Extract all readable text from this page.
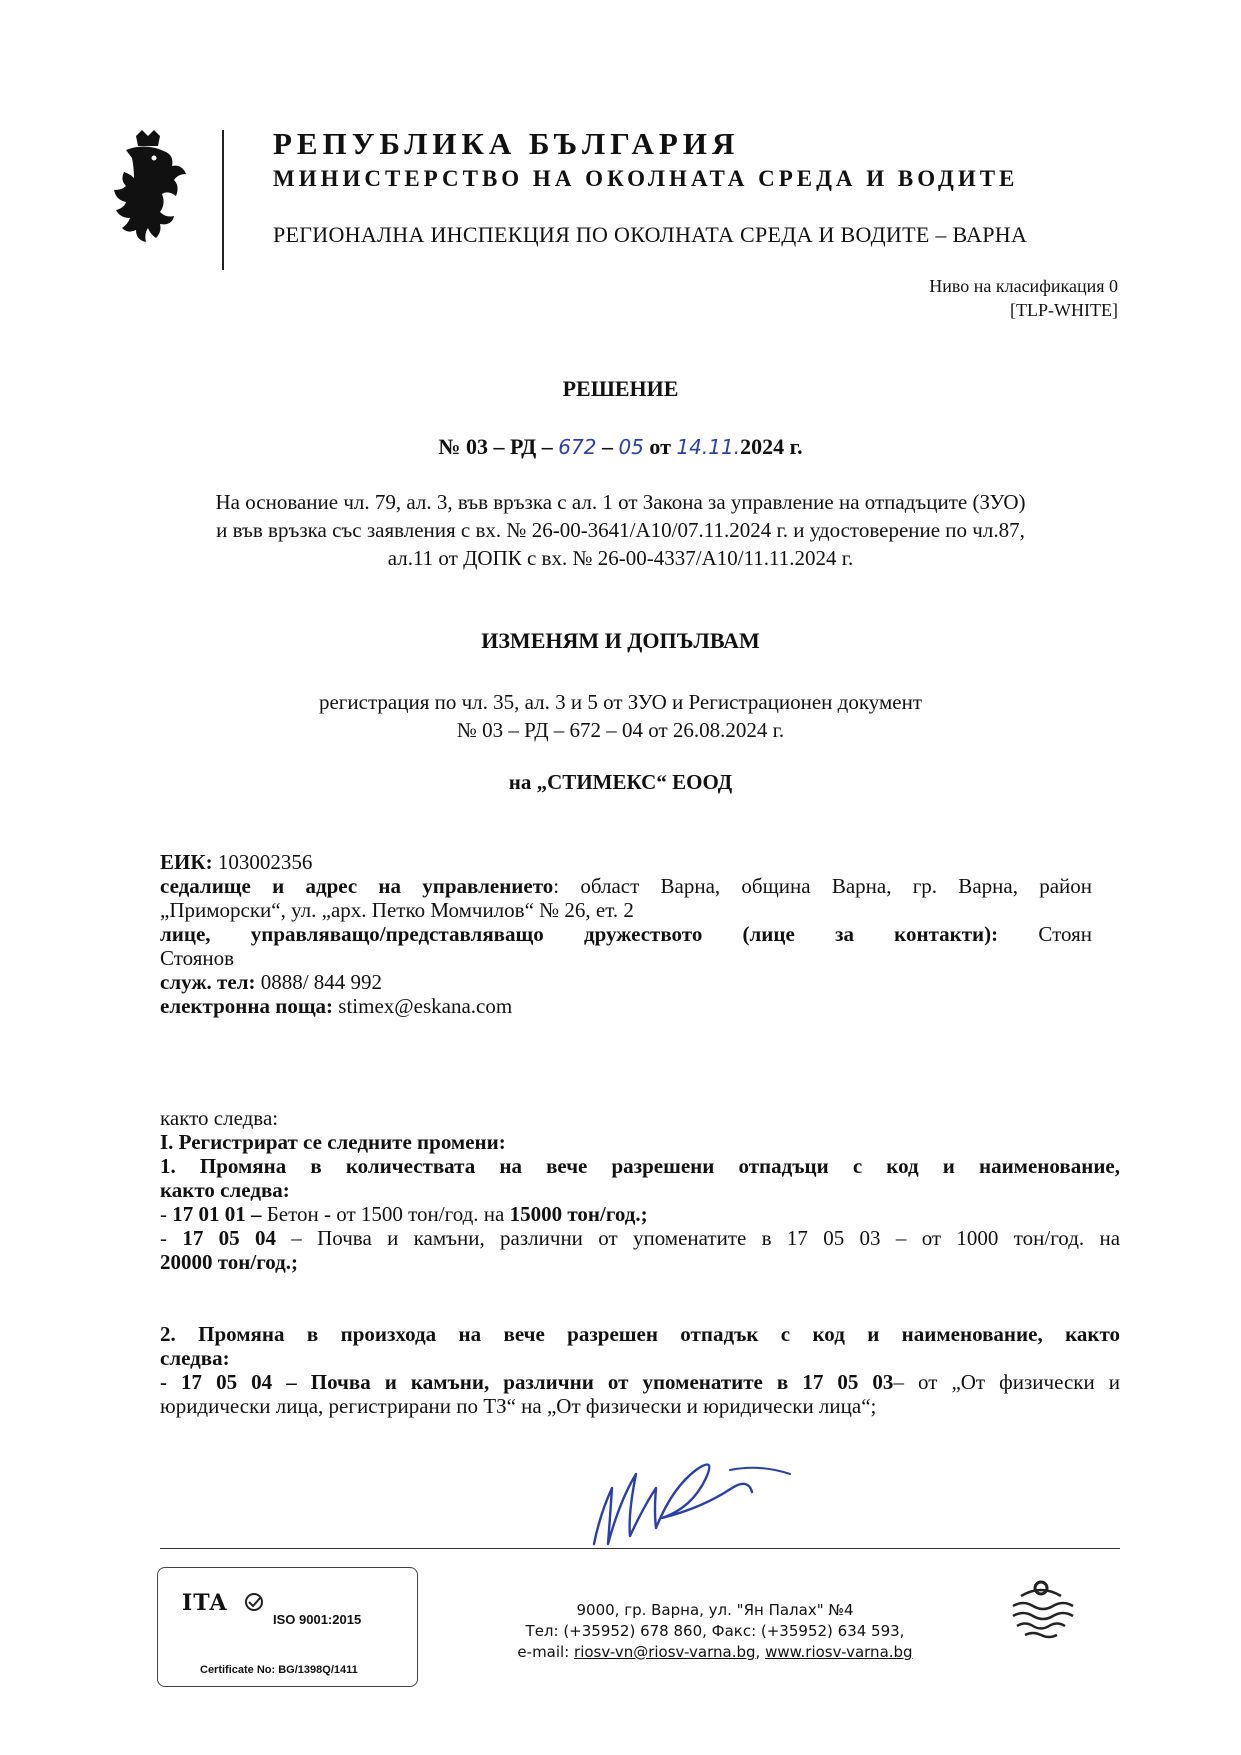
РЕПУБЛИКА БЪЛГАРИЯ
МИНИСТЕРСТВО НА ОКОЛНАТА СРЕДА И ВОДИТЕ
РЕГИОНАЛНА ИНСПЕКЦИЯ ПО ОКОЛНАТА СРЕДА И ВОДИТЕ – ВАРНА
Ниво на класификация 0
[TLP-WHITE]
РЕШЕНИЕ
№ 03 – РД – 672 – 05 от 14.11.2024 г.
На основание чл. 79, ал. 3, във връзка с ал. 1 от Закона за управление на отпадъците (ЗУО)
и във връзка със заявления с вх. № 26-00-3641/А10/07.11.2024 г. и удостоверение по чл.87,
ал.11 от ДОПК с вх. № 26-00-4337/А10/11.11.2024 г.
ИЗМЕНЯМ И ДОПЪЛВАМ
регистрация по чл. 35, ал. 3 и 5 от ЗУО и Регистрационен документ
№ 03 – РД – 672 – 04 от 26.08.2024 г.
на „СТИМЕКС“ ЕООД
ЕИК: 103002356
седалище и адрес на управлението: област Варна, община Варна, гр. Варна, район
„Приморски“, ул. „арх. Петко Момчилов“ № 26, ет. 2
лице, управляващо/представляващо дружеството (лице за контакти): Стоян
Стоянов
служ. тел: 0888/ 844 992
електронна поща: stimex@eskana.com
както следва:
I. Регистрират се следните промени:
1. Промяна в количествата на вече разрешени отпадъци с код и наименование,
както следва:
- 17 01 01 – Бетон - от 1500 тон/год. на 15000 тон/год.;
- 17 05 04 – Почва и камъни, различни от упоменатите в 17 05 03 – от 1000 тон/год. на
20000 тон/год.;
2. Промяна в произхода на вече разрешен отпадък с код и наименование, както
следва:
- 17 05 04 – Почва и камъни, различни от упоменатите в 17 05 03– от „От физически и
юридически лица, регистрирани по ТЗ“ на „От физически и юридически лица“;
ITA
ISO 9001:2015
Certificate No: BG/1398Q/1411
9000, гр. Варна, ул. "Ян Палах" №4
Тел: (+35952) 678 860, Факс: (+35952) 634 593,
e-mail: riosv-vn@riosv-varna.bg, www.riosv-varna.bg
